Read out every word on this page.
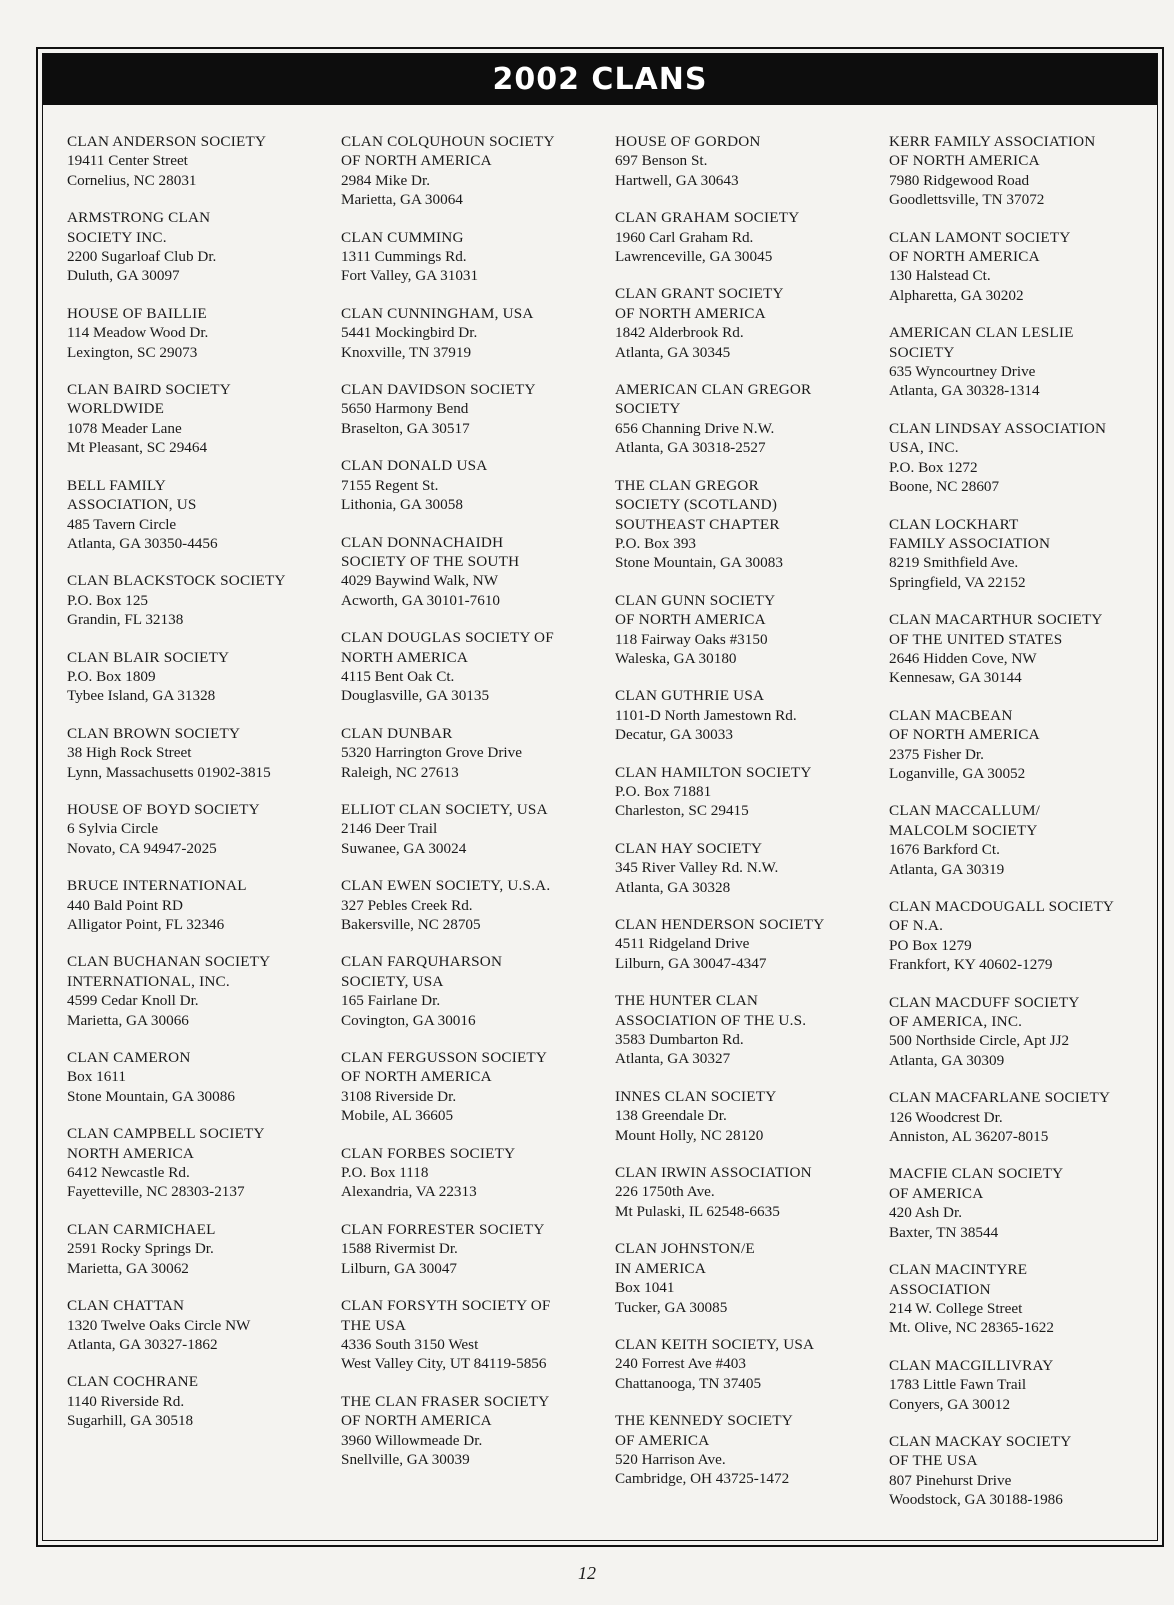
2002 CLANS
CLAN ANDERSON SOCIETY
19411 Center Street
Cornelius, NC 28031
ARMSTRONG CLAN
SOCIETY INC.
2200 Sugarloaf Club Dr.
Duluth, GA 30097
HOUSE OF BAILLIE
114 Meadow Wood Dr.
Lexington, SC 29073
CLAN BAIRD SOCIETY
WORLDWIDE
1078 Meader Lane
Mt Pleasant, SC 29464
BELL FAMILY
ASSOCIATION, US
485 Tavern Circle
Atlanta, GA 30350-4456
CLAN BLACKSTOCK SOCIETY
P.O. Box 125
Grandin, FL 32138
CLAN BLAIR SOCIETY
P.O. Box 1809
Tybee Island, GA 31328
CLAN BROWN SOCIETY
38 High Rock Street
Lynn, Massachusetts 01902-3815
HOUSE OF BOYD SOCIETY
6 Sylvia Circle
Novato, CA 94947-2025
BRUCE INTERNATIONAL
440 Bald Point RD
Alligator Point, FL 32346
CLAN BUCHANAN SOCIETY
INTERNATIONAL, INC.
4599 Cedar Knoll Dr.
Marietta, GA 30066
CLAN CAMERON
Box 1611
Stone Mountain, GA 30086
CLAN CAMPBELL SOCIETY
NORTH AMERICA
6412 Newcastle Rd.
Fayetteville, NC 28303-2137
CLAN CARMICHAEL
2591 Rocky Springs Dr.
Marietta, GA 30062
CLAN CHATTAN
1320 Twelve Oaks Circle NW
Atlanta, GA 30327-1862
CLAN COCHRANE
1140 Riverside Rd.
Sugarhill, GA 30518
CLAN COLQUHOUN SOCIETY
OF NORTH AMERICA
2984 Mike Dr.
Marietta, GA 30064
CLAN CUMMING
1311 Cummings Rd.
Fort Valley, GA 31031
CLAN CUNNINGHAM, USA
5441 Mockingbird Dr.
Knoxville, TN 37919
CLAN DAVIDSON SOCIETY
5650 Harmony Bend
Braselton, GA 30517
CLAN DONALD USA
7155 Regent St.
Lithonia, GA 30058
CLAN DONNACHAIDH
SOCIETY OF THE SOUTH
4029 Baywind Walk, NW
Acworth, GA 30101-7610
CLAN DOUGLAS SOCIETY OF
NORTH AMERICA
4115 Bent Oak Ct.
Douglasville, GA 30135
CLAN DUNBAR
5320 Harrington Grove Drive
Raleigh, NC 27613
ELLIOT CLAN SOCIETY, USA
2146 Deer Trail
Suwanee, GA 30024
CLAN EWEN SOCIETY, U.S.A.
327 Pebles Creek Rd.
Bakersville, NC 28705
CLAN FARQUHARSON
SOCIETY, USA
165 Fairlane Dr.
Covington, GA 30016
CLAN FERGUSSON SOCIETY
OF NORTH AMERICA
3108 Riverside Dr.
Mobile, AL 36605
CLAN FORBES SOCIETY
P.O. Box 1118
Alexandria, VA 22313
CLAN FORRESTER SOCIETY
1588 Rivermist Dr.
Lilburn, GA 30047
CLAN FORSYTH SOCIETY OF
THE USA
4336 South 3150 West
West Valley City, UT 84119-5856
THE CLAN FRASER SOCIETY
OF NORTH AMERICA
3960 Willowmeade Dr.
Snellville, GA 30039
HOUSE OF GORDON
697 Benson St.
Hartwell, GA 30643
CLAN GRAHAM SOCIETY
1960 Carl Graham Rd.
Lawrenceville, GA 30045
CLAN GRANT SOCIETY
OF NORTH AMERICA
1842 Alderbrook Rd.
Atlanta, GA 30345
AMERICAN CLAN GREGOR
SOCIETY
656 Channing Drive N.W.
Atlanta, GA 30318-2527
THE CLAN GREGOR
SOCIETY (SCOTLAND)
SOUTHEAST CHAPTER
P.O. Box 393
Stone Mountain, GA 30083
CLAN GUNN SOCIETY
OF NORTH AMERICA
118 Fairway Oaks #3150
Waleska, GA 30180
CLAN GUTHRIE USA
1101-D North Jamestown Rd.
Decatur, GA 30033
CLAN HAMILTON SOCIETY
P.O. Box 71881
Charleston, SC 29415
CLAN HAY SOCIETY
345 River Valley Rd. N.W.
Atlanta, GA 30328
CLAN HENDERSON SOCIETY
4511 Ridgeland Drive
Lilburn, GA 30047-4347
THE HUNTER CLAN
ASSOCIATION OF THE U.S.
3583 Dumbarton Rd.
Atlanta, GA 30327
INNES CLAN SOCIETY
138 Greendale Dr.
Mount Holly, NC 28120
CLAN IRWIN ASSOCIATION
226 1750th Ave.
Mt Pulaski, IL 62548-6635
CLAN JOHNSTON/E
IN AMERICA
Box 1041
Tucker, GA 30085
CLAN KEITH SOCIETY, USA
240 Forrest Ave #403
Chattanooga, TN 37405
THE KENNEDY SOCIETY
OF AMERICA
520 Harrison Ave.
Cambridge, OH 43725-1472
KERR FAMILY ASSOCIATION
OF NORTH AMERICA
7980 Ridgewood Road
Goodlettsville, TN 37072
CLAN LAMONT SOCIETY
OF NORTH AMERICA
130 Halstead Ct.
Alpharetta, GA 30202
AMERICAN CLAN LESLIE
SOCIETY
635 Wyncourtney Drive
Atlanta, GA 30328-1314
CLAN LINDSAY ASSOCIATION
USA, INC.
P.O. Box 1272
Boone, NC 28607
CLAN LOCKHART
FAMILY ASSOCIATION
8219 Smithfield Ave.
Springfield, VA 22152
CLAN MACARTHUR SOCIETY
OF THE UNITED STATES
2646 Hidden Cove, NW
Kennesaw, GA 30144
CLAN MACBEAN
OF NORTH AMERICA
2375 Fisher Dr.
Loganville, GA 30052
CLAN MACCALLUM/
MALCOLM SOCIETY
1676 Barkford Ct.
Atlanta, GA 30319
CLAN MACDOUGALL SOCIETY
OF N.A.
PO Box 1279
Frankfort, KY 40602-1279
CLAN MACDUFF SOCIETY
OF AMERICA, INC.
500 Northside Circle, Apt JJ2
Atlanta, GA 30309
CLAN MACFARLANE SOCIETY
126 Woodcrest Dr.
Anniston, AL 36207-8015
MACFIE CLAN SOCIETY
OF AMERICA
420 Ash Dr.
Baxter, TN 38544
CLAN MACINTYRE
ASSOCIATION
214 W. College Street
Mt. Olive, NC 28365-1622
CLAN MACGILLIVRAY
1783 Little Fawn Trail
Conyers, GA 30012
CLAN MACKAY SOCIETY
OF THE USA
807 Pinehurst Drive
Woodstock, GA 30188-1986
12
